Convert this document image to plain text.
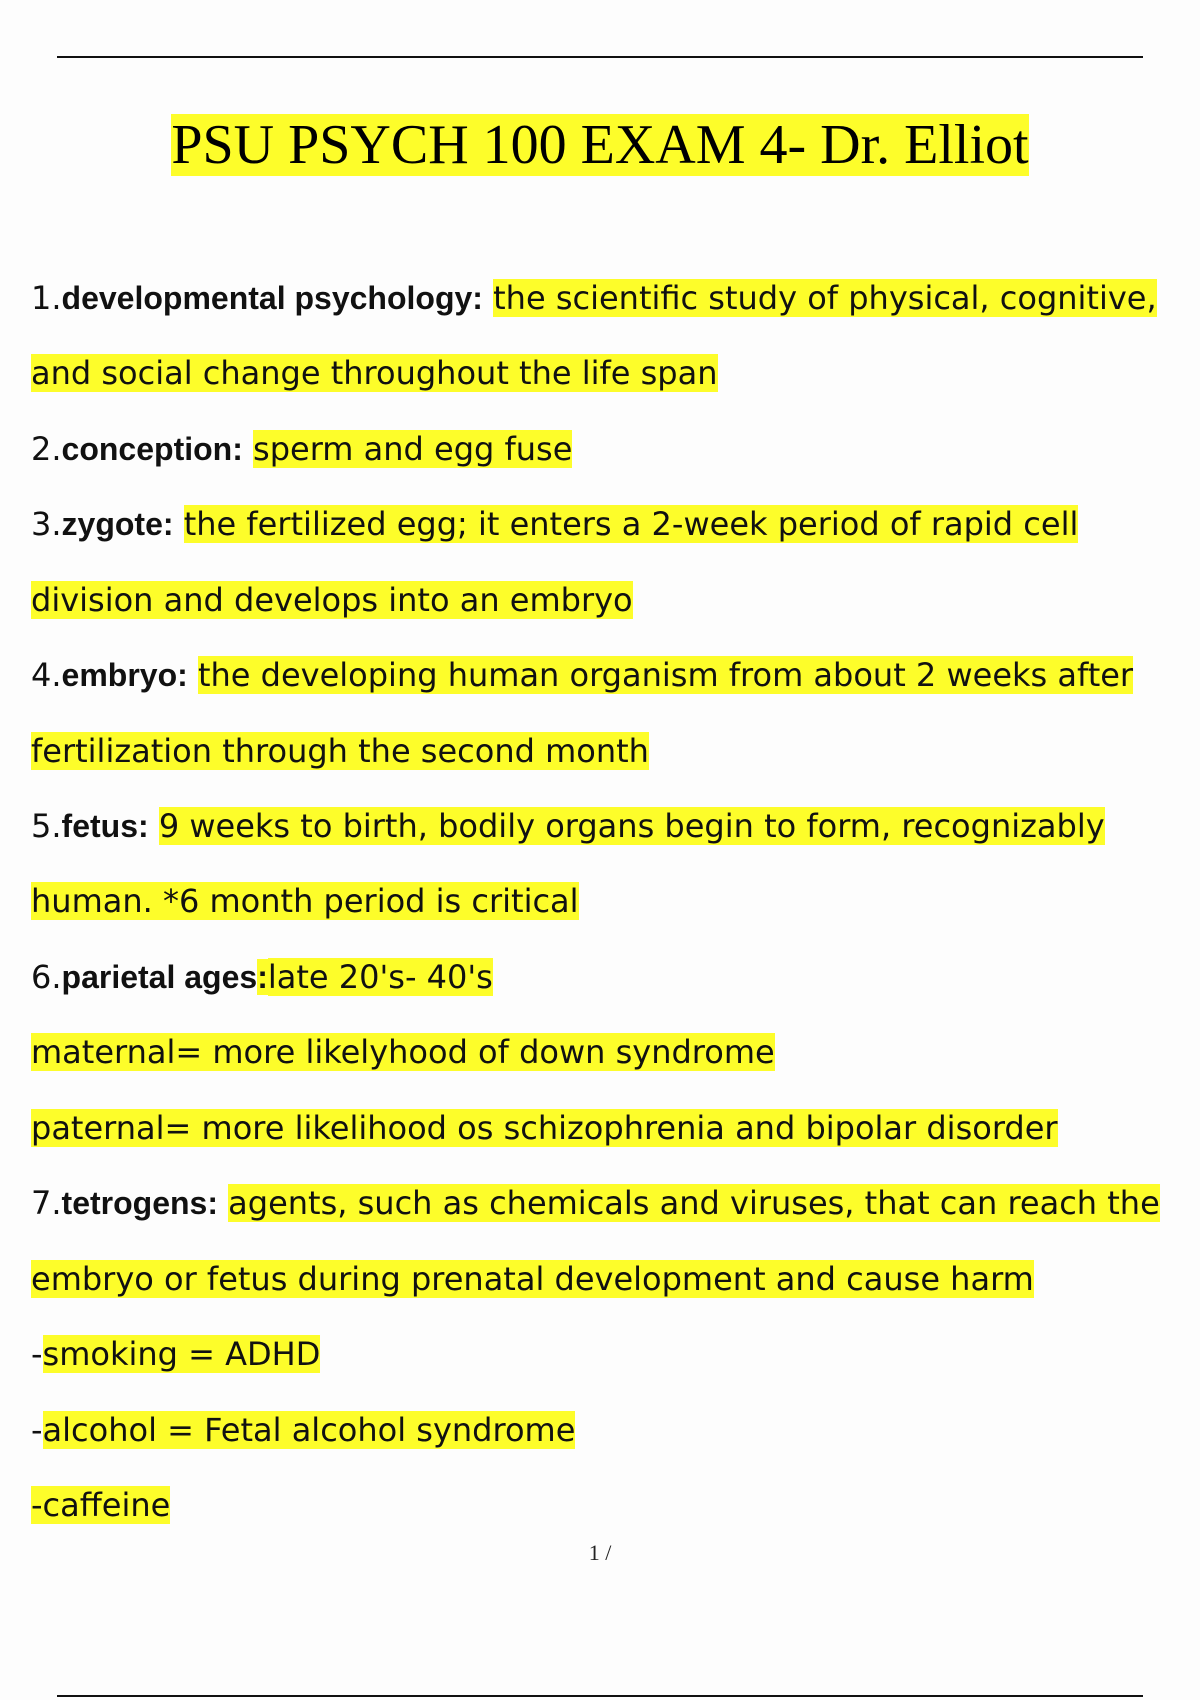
PSU PSYCH 100 EXAM 4- Dr. Elliot
1.developmental psychology: the scientific study of physical, cognitive,
and social change throughout the life span
2.conception: sperm and egg fuse
3.zygote: the fertilized egg; it enters a 2-week period of rapid cell
division and develops into an embryo
4.embryo: the developing human organism from about 2 weeks after
fertilization through the second month
5.fetus: 9 weeks to birth, bodily organs begin to form, recognizably
human. *6 month period is critical
6.parietal ages:late 20's- 40's
maternal= more likelyhood of down syndrome
paternal= more likelihood os schizophrenia and bipolar disorder
7.tetrogens: agents, such as chemicals and viruses, that can reach the
embryo or fetus during prenatal development and cause harm
-smoking = ADHD
-alcohol = Fetal alcohol syndrome
-caffeine
1 /
